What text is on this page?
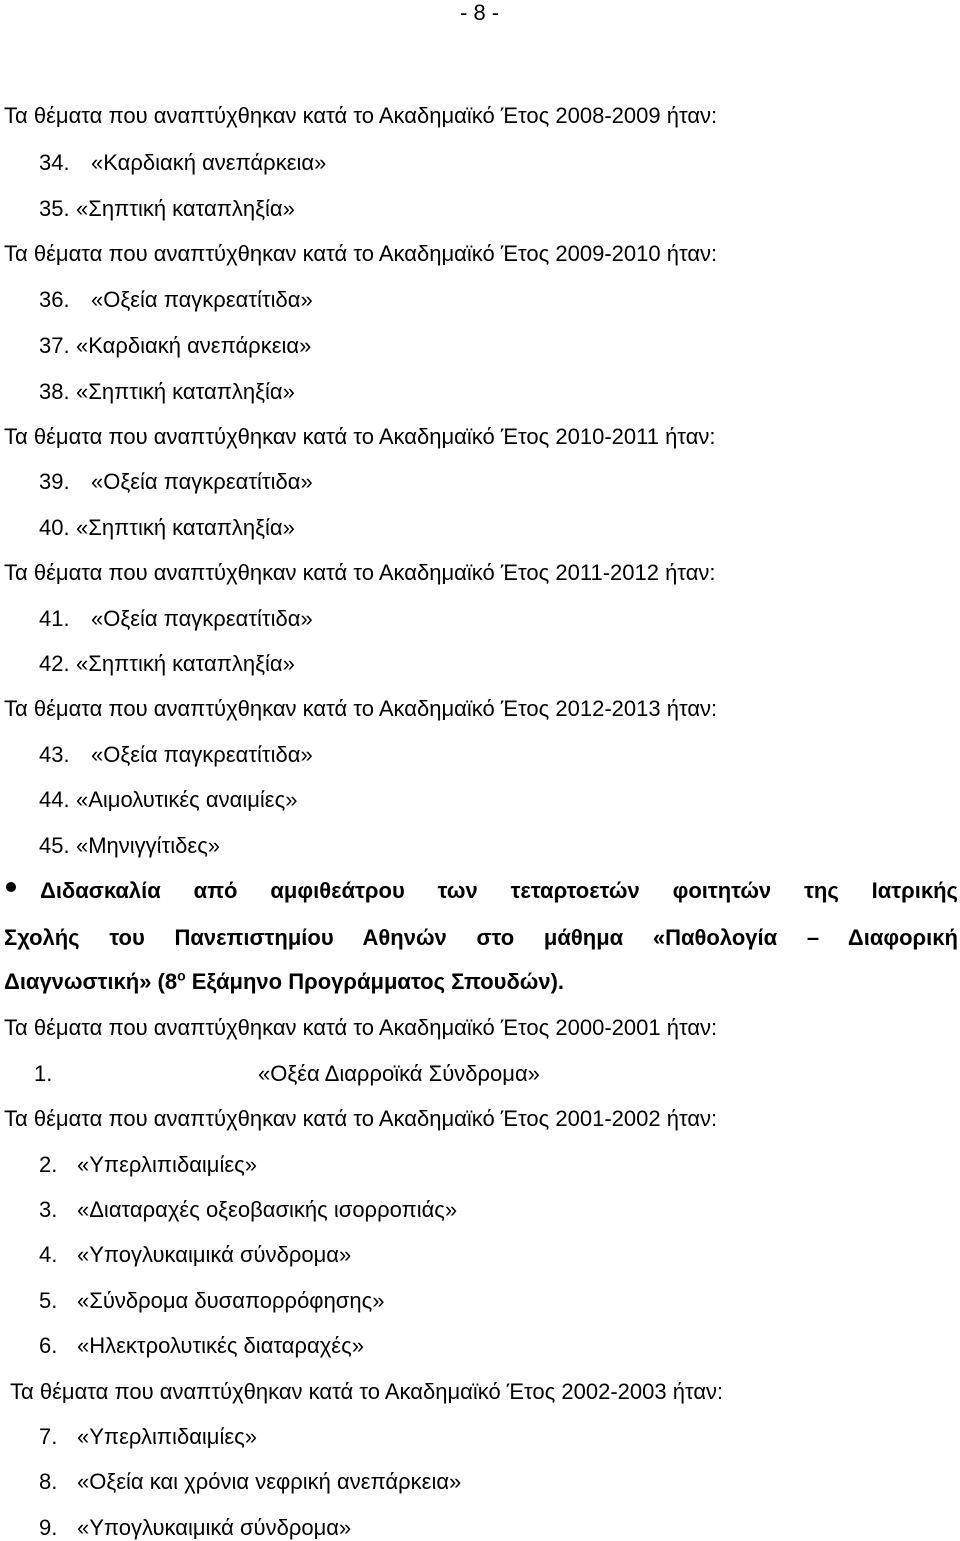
- 8 -
Τα θέματα που αναπτύχθηκαν κατά το Ακαδημαϊκό Έτος 2008-2009 ήταν:
34. «Καρδιακή ανεπάρκεια»
35. «Σηπτική καταπληξία»
Τα θέματα που αναπτύχθηκαν κατά το Ακαδημαϊκό Έτος 2009-2010 ήταν:
36. «Οξεία παγκρεατίτιδα»
37. «Καρδιακή ανεπάρκεια»
38. «Σηπτική καταπληξία»
Τα θέματα που αναπτύχθηκαν κατά το Ακαδημαϊκό Έτος 2010-2011 ήταν:
39. «Οξεία παγκρεατίτιδα»
40. «Σηπτική καταπληξία»
Τα θέματα που αναπτύχθηκαν κατά το Ακαδημαϊκό Έτος 2011-2012 ήταν:
41. «Οξεία παγκρεατίτιδα»
42. «Σηπτική καταπληξία»
Τα θέματα που αναπτύχθηκαν κατά το Ακαδημαϊκό Έτος 2012-2013 ήταν:
43. «Οξεία παγκρεατίτιδα»
44. «Αιμολυτικές αναιμίες»
45. «Μηνιγγίτιδες»
Διδασκαλία από αμφιθεάτρου των τεταρτοετών φοιτητών της Ιατρικής
Σχολής του Πανεπιστημίου Αθηνών στο μάθημα «Παθολογία – Διαφορική
Διαγνωστική» ($8^o$ Εξάμηνο Προγράμματος Σπουδών).
Τα θέματα που αναπτύχθηκαν κατά το Ακαδημαϊκό Έτος 2000-2001 ήταν:
1.	«Οξέα Διαρροϊκά Σύνδρομα»
Τα θέματα που αναπτύχθηκαν κατά το Ακαδημαϊκό Έτος 2001-2002 ήταν:
2. «Υπερλιπιδαιμίες»
3. «Διαταραχές οξεοβασικής ισορροπιάς»
4. «Υπογλυκαιμικά σύνδρομα»
5. «Σύνδρομα δυσαπορρόφησης»
6. «Ηλεκτρολυτικές διαταραχές»
Τα θέματα που αναπτύχθηκαν κατά το Ακαδημαϊκό Έτος 2002-2003 ήταν:
7. «Υπερλιπιδαιμίες»
8. «Οξεία και χρόνια νεφρική ανεπάρκεια»
9. «Υπογλυκαιμικά σύνδρομα»
